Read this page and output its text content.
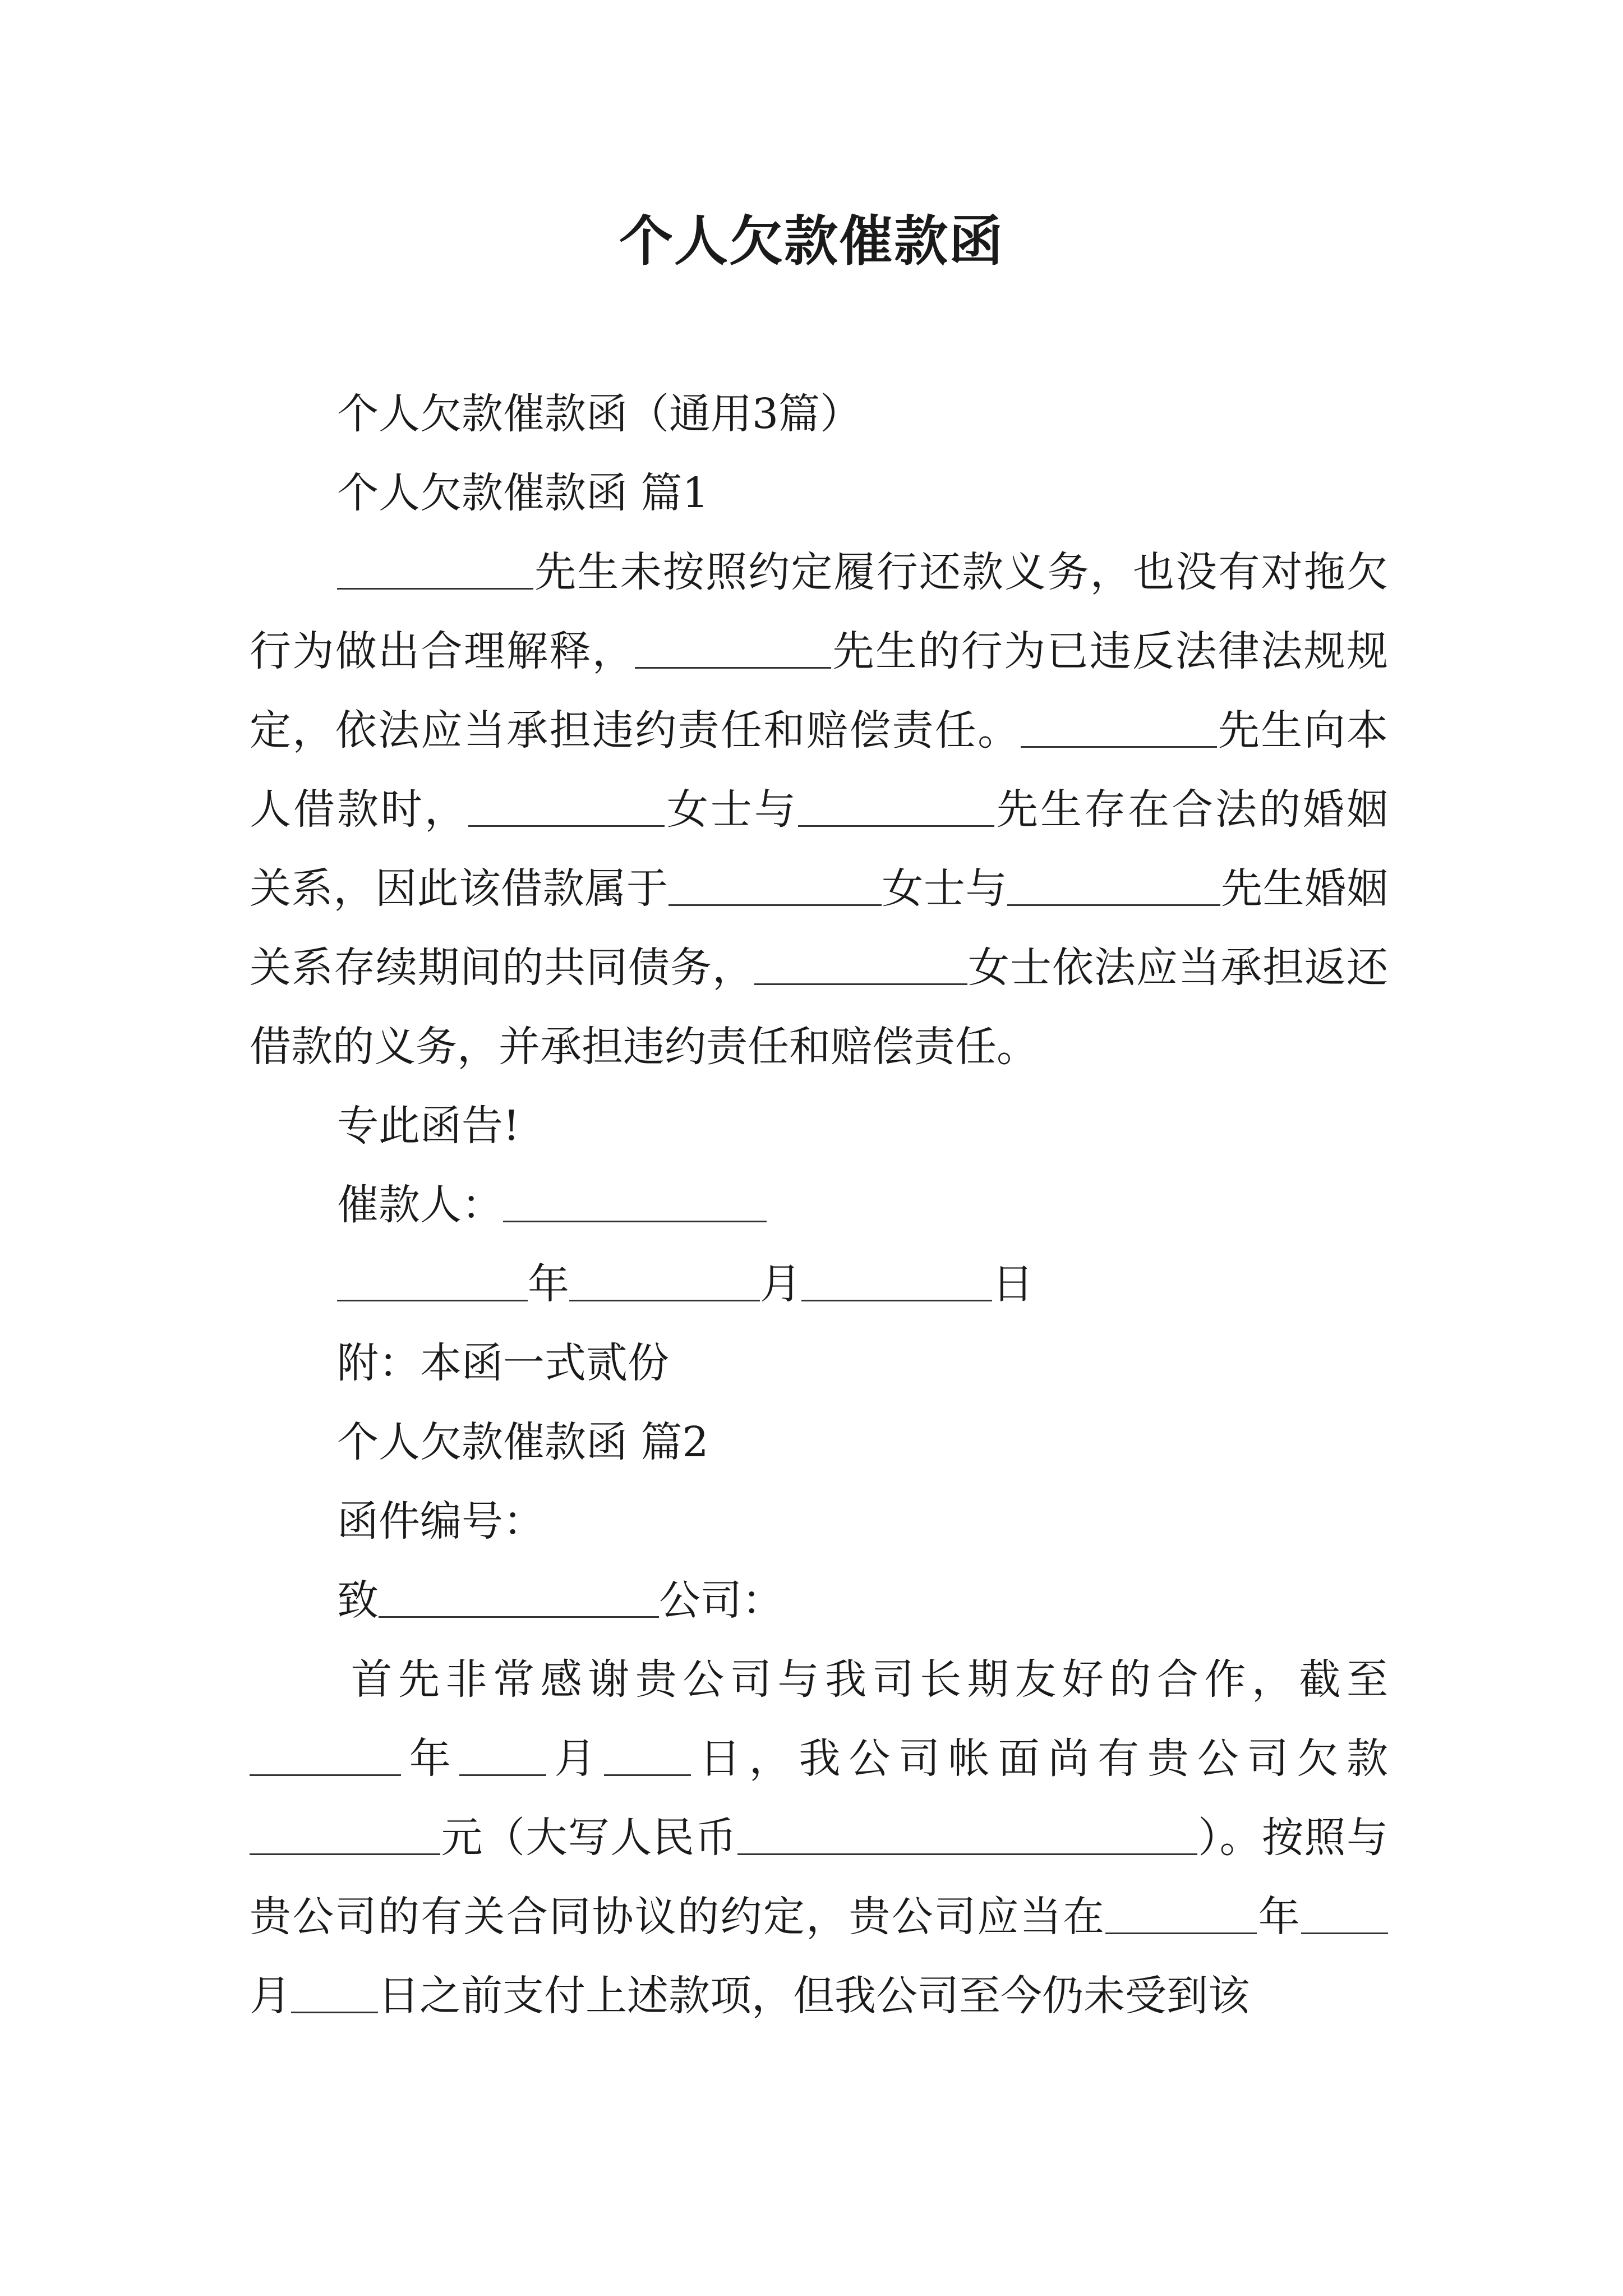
个人欠款催款函

个人欠款催款函（通用3篇）

个人欠款催款函 篇1

先生未按照约定履行还款义务，也没有对拖欠行为做出合理解释，	先生的行为已违反法律法规规定，依法应当承担违约责任和赔偿责任。	先生向本人借款时，	女士与	先生存在合法的婚姻关系，因此该借款属于	女士与	先生婚姻关系存续期间的共同债务，	女士依法应当承担返还借款的义务，并承担违约责任和赔偿责任。

专此函告!

催款人：

年	月	日

附：本函一式贰份

个人欠款催款函 篇2

函件编号：

致	公司：

首先非常感谢贵公司与我司长期友好的合作，截至年 月 日，我公司帐面尚有贵公司欠款元（大写人民币	）。按照与贵公司的有关合同协议的约定，贵公司应当在	年月 日之前支付上述款项，但我公司至今仍未受到该
